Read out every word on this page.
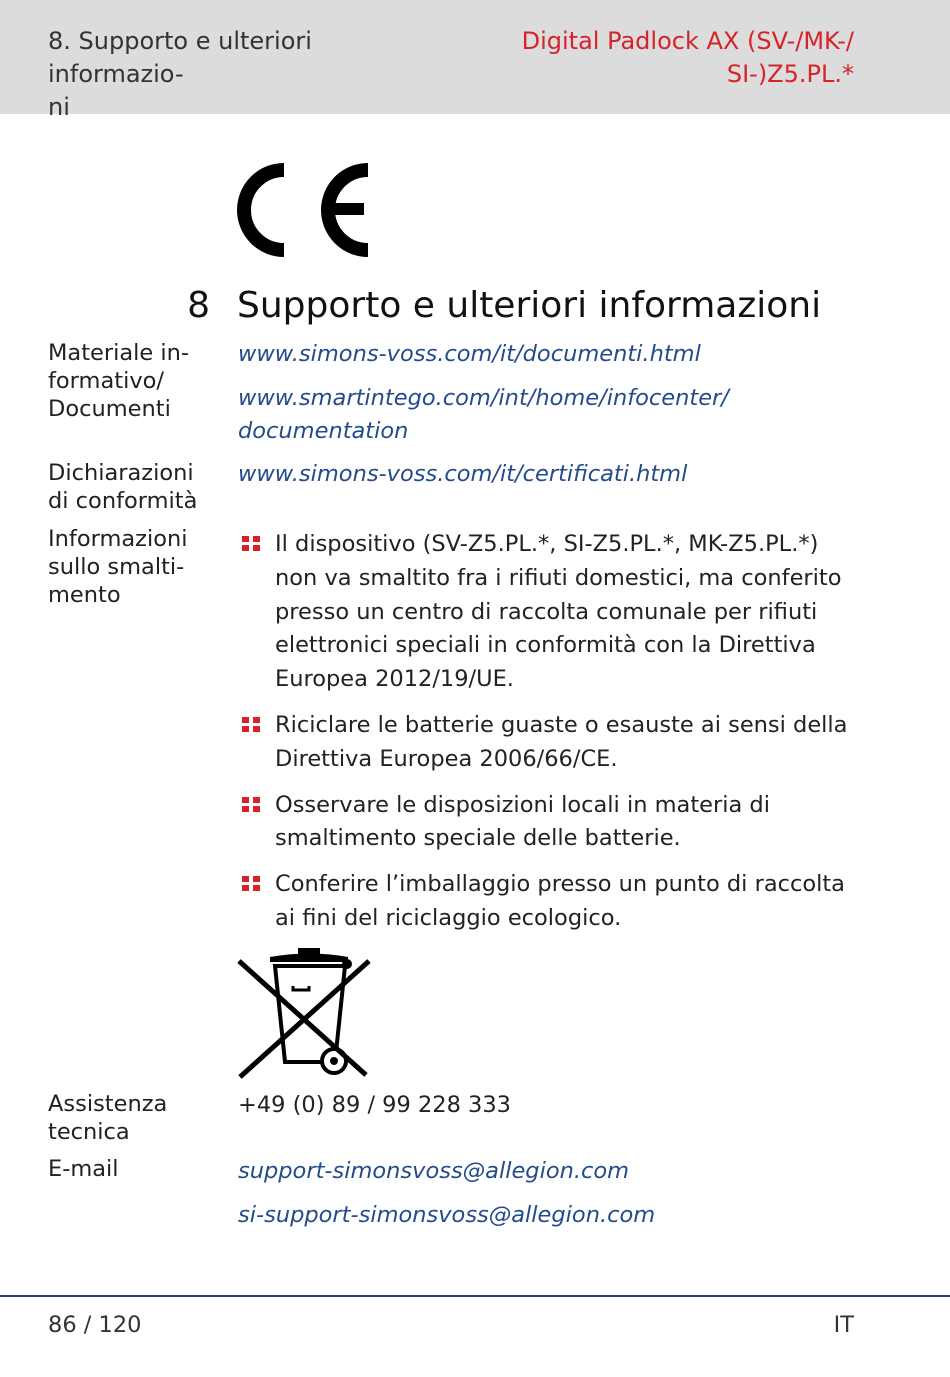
8. Supporto e ulteriori informazio-
ni
Digital Padlock AX (SV-/MK-/
SI-)Z5.PL.*
8 Supporto e ulteriori informazioni
Materiale in-
formativo/
Documenti
www.simons-voss.com/it/documenti.html
www.smartintego.com/int/home/infocenter/
documentation
Dichiarazioni
di conformità
www.simons-voss.com/it/certificati.html
Informazioni
sullo smalti-
mento
Il dispositivo (SV-Z5.PL.*, SI-Z5.PL.*, MK-Z5.PL.*)
non va smaltito fra i rifiuti domestici, ma conferito
presso un centro di raccolta comunale per rifiuti
elettronici speciali in conformità con la Direttiva
Europea 2012/19/UE.
Riciclare le batterie guaste o esauste ai sensi della
Direttiva Europea 2006/66/CE.
Osservare le disposizioni locali in materia di
smaltimento speciale delle batterie.
Conferire l’imballaggio presso un punto di raccolta
ai fini del riciclaggio ecologico.
Assistenza
tecnica
+49 (0) 89 / 99 228 333
E-mail	support-simonsvoss@allegion.com
si-support-simonsvoss@allegion.com
86 / 120	IT
